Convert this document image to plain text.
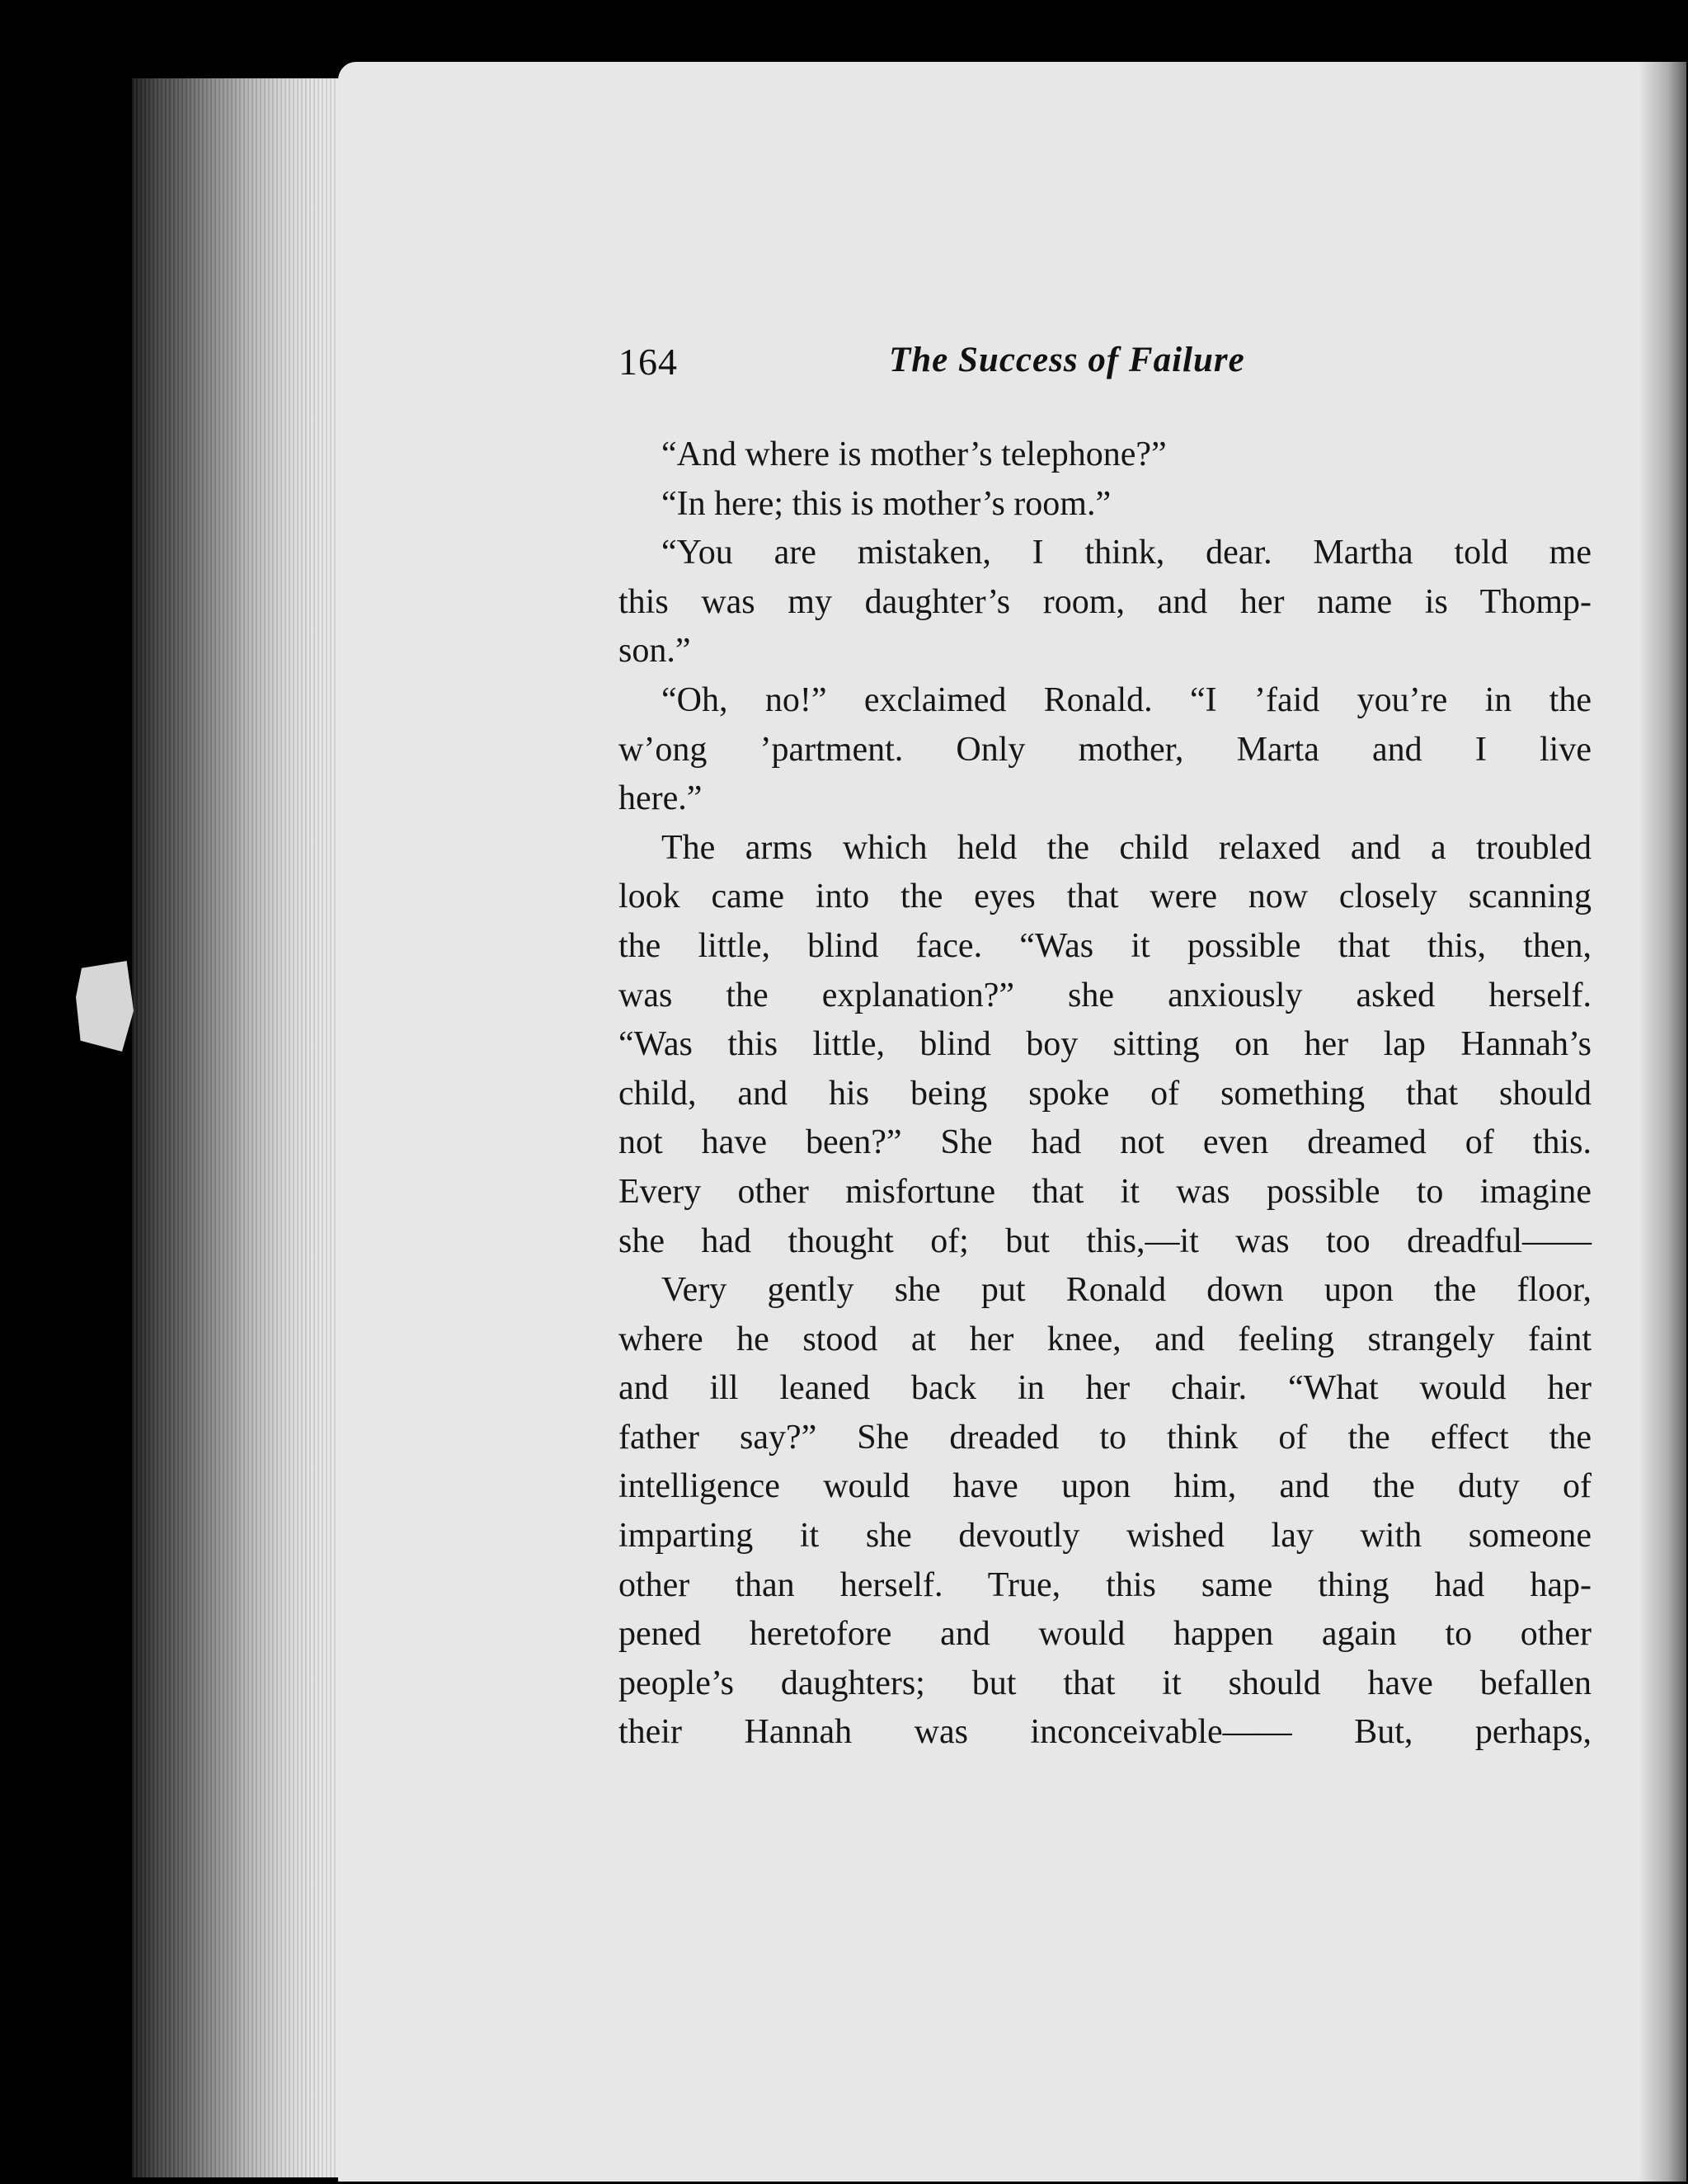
164	The Success of Failure
“And where is mother’s telephone?”
“In here; this is mother’s room.”
“You are mistaken, I think, dear. Martha told me
this was my daughter’s room, and her name is Thomp-
son.”
“Oh, no!” exclaimed Ronald. “I ’faid you’re in the
w’ong ’partment. Only mother, Marta and I live
here.”
The arms which held the child relaxed and a troubled
look came into the eyes that were now closely scanning
the little, blind face. “Was it possible that this, then,
was the explanation?” she anxiously asked herself.
“Was this little, blind boy sitting on her lap Hannah’s
child, and his being spoke of something that should
not have been?” She had not even dreamed of this.
Every other misfortune that it was possible to imagine
she had thought of; but this,—it was too dreadful——
Very gently she put Ronald down upon the floor,
where he stood at her knee, and feeling strangely faint
and ill leaned back in her chair. “What would her
father say?” She dreaded to think of the effect the
intelligence would have upon him, and the duty of
imparting it she devoutly wished lay with someone
other than herself. True, this same thing had hap-
pened heretofore and would happen again to other
people’s daughters; but that it should have befallen
their Hannah was inconceivable—— But, perhaps,
